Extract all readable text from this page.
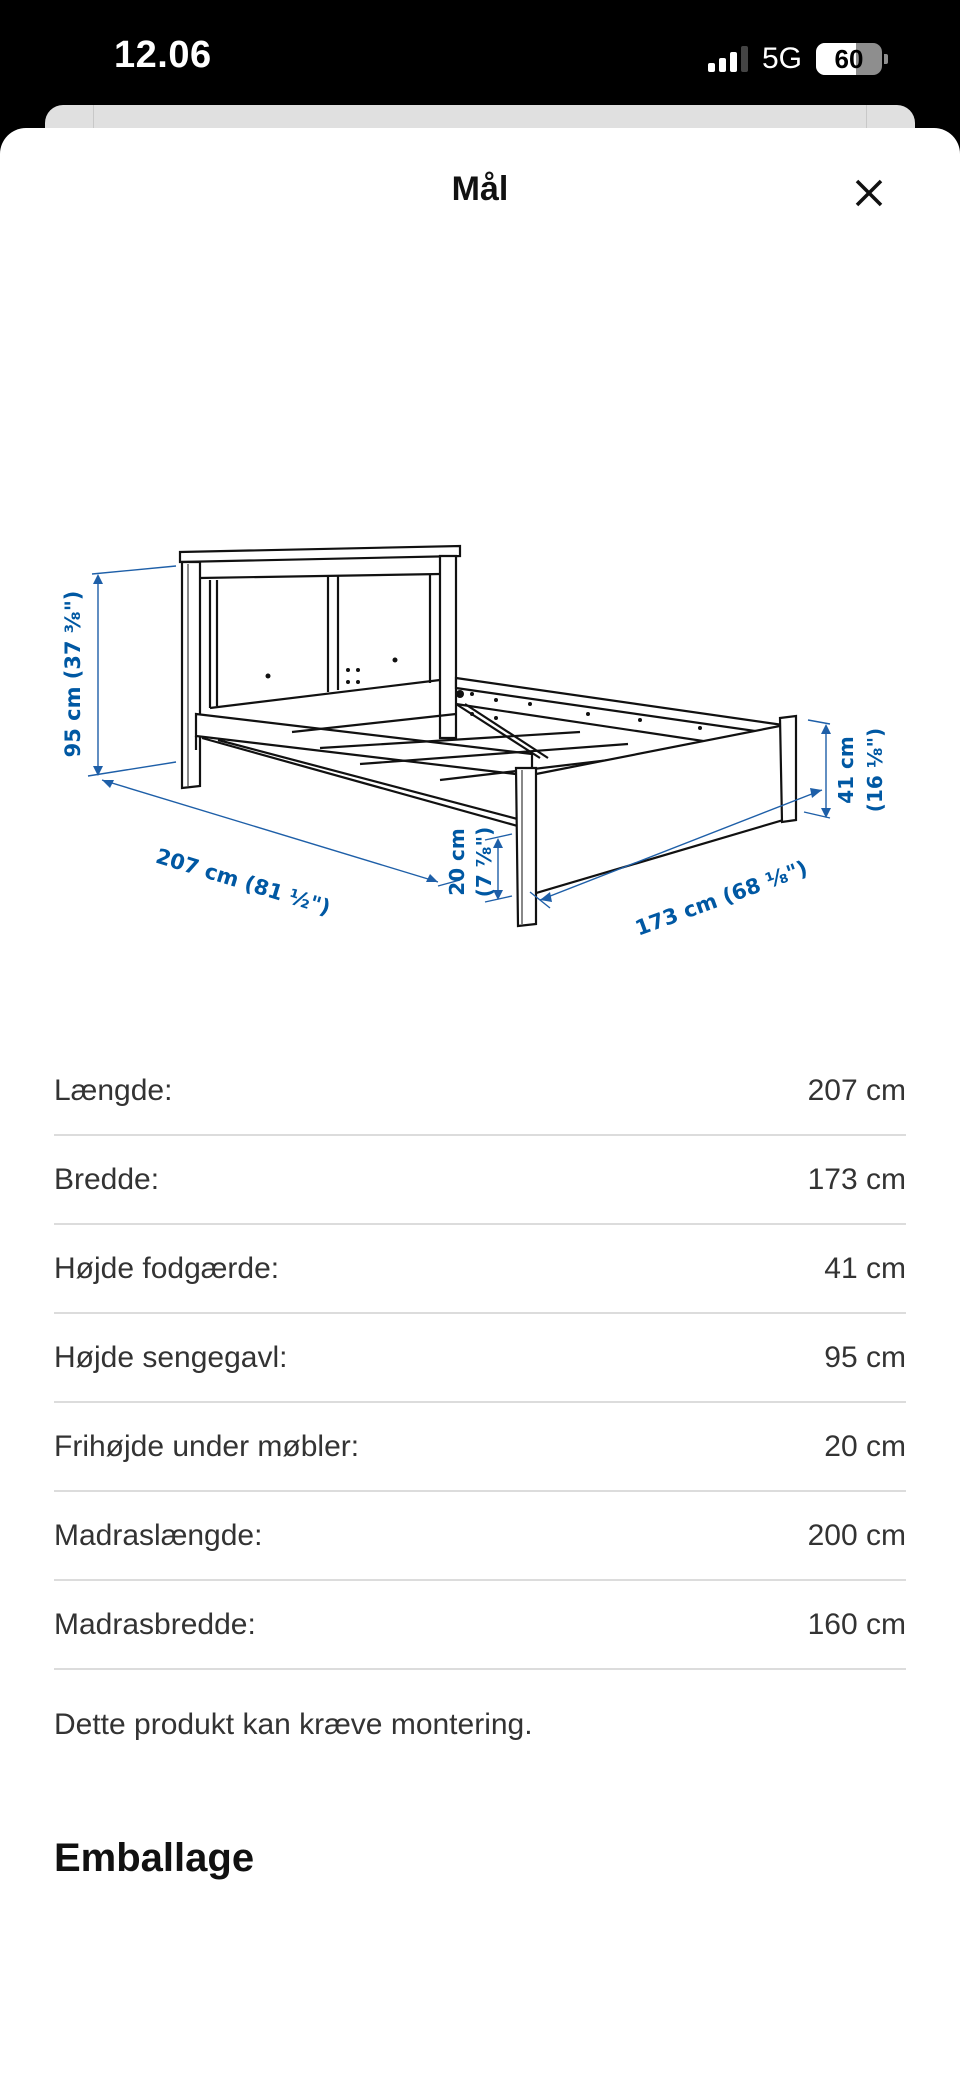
12.06	5G 60
Mål
95 cm (37 ³⁄₈")
207 cm (81 ½")	20 cm (7 ⁷⁄₈")	173 cm (68 ¹⁄₈")
41 cm (16 ¹⁄₈")
Længde:	207 cm
Bredde:	173 cm
Højde fodgærde:	41 cm
Højde sengegavl:	95 cm
Frihøjde under møbler:	20 cm
Madraslængde:	200 cm
Madrasbredde:	160 cm
Dette produkt kan kræve montering.
Emballage
